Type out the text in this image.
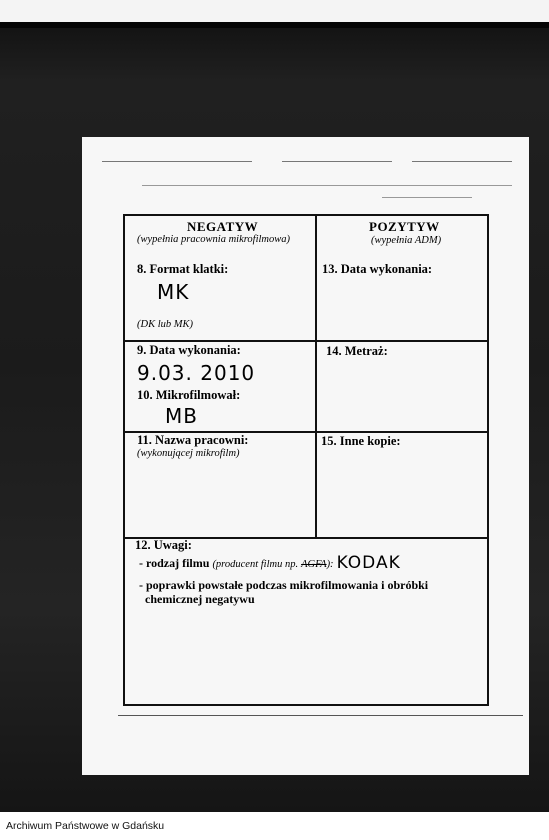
NEGATYW
(wypełnia pracownia mikrofilmowa)
POZYTYW
(wypełnia ADM)
8. Format klatki:
MK
(DK lub MK)
13. Data wykonania:
9. Data wykonania:
9.03. 2010
14. Metraż:
10. Mikrofilmował:
MB
11. Nazwa pracowni:
(wykonującej mikrofilm)
15. Inne kopie:
12. Uwagi:
- rodzaj filmu (producent filmu np. AGFA): KODAK
- poprawki powstałe podczas mikrofilmowania i obróbki
chemicznej negatywu
Archiwum Państwowe w Gdańsku
